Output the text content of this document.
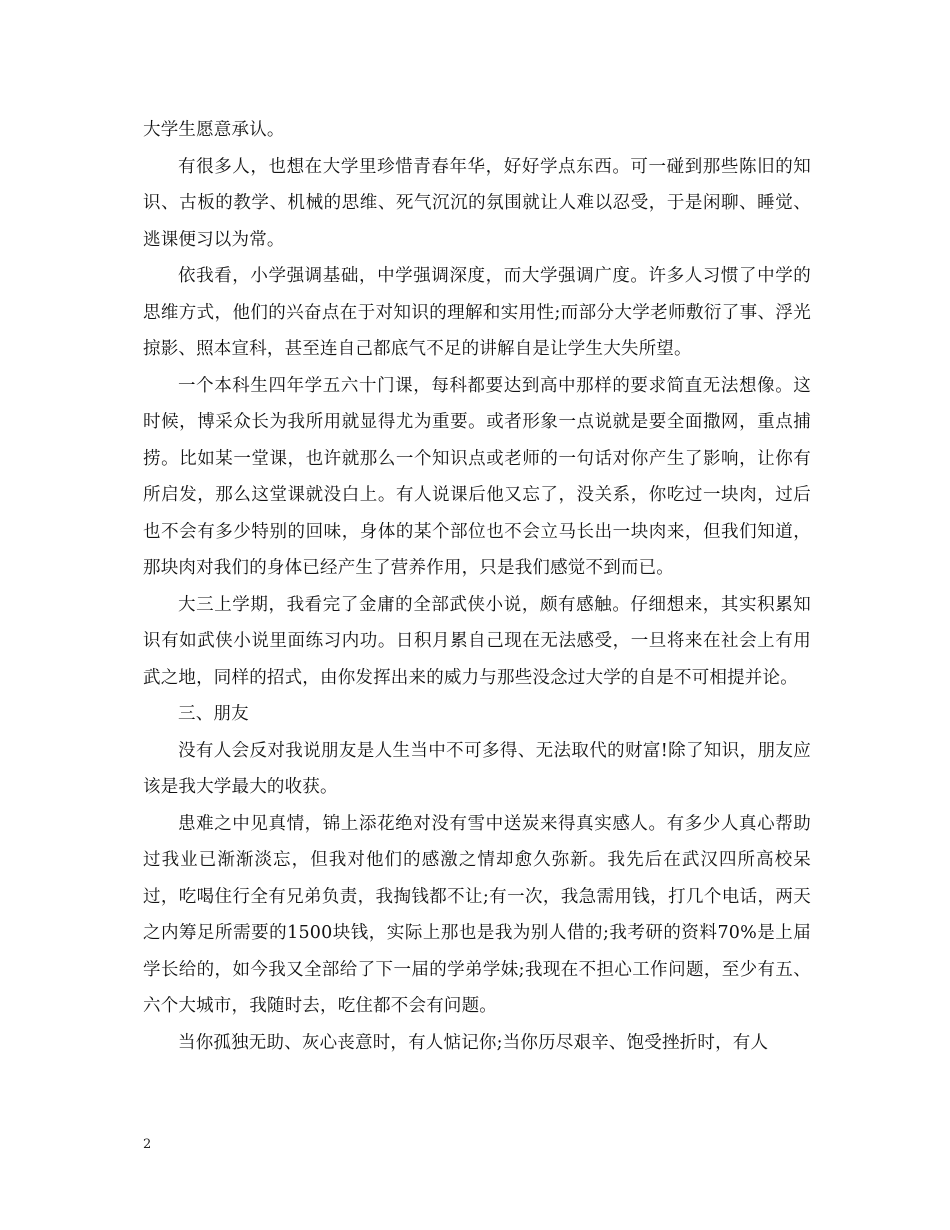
大学生愿意承认。

有很多人，也想在大学里珍惜青春年华，好好学点东西。可一碰到那些陈旧的知识、古板的教学、机械的思维、死气沉沉的氛围就让人难以忍受，于是闲聊、睡觉、逃课便习以为常。

依我看，小学强调基础，中学强调深度，而大学强调广度。许多人习惯了中学的思维方式，他们的兴奋点在于对知识的理解和实用性;而部分大学老师敷衍了事、浮光掠影、照本宣科，甚至连自己都底气不足的讲解自是让学生大失所望。

一个本科生四年学五六十门课，每科都要达到高中那样的要求简直无法想像。这时候，博采众长为我所用就显得尤为重要。或者形象一点说就是要全面撒网，重点捕捞。比如某一堂课，也许就那么一个知识点或老师的一句话对你产生了影响，让你有所启发，那么这堂课就没白上。有人说课后他又忘了，没关系，你吃过一块肉，过后也不会有多少特别的回味，身体的某个部位也不会立马长出一块肉来，但我们知道，那块肉对我们的身体已经产生了营养作用，只是我们感觉不到而已。

大三上学期，我看完了金庸的全部武侠小说，颇有感触。仔细想来，其实积累知识有如武侠小说里面练习内功。日积月累自己现在无法感受，一旦将来在社会上有用武之地，同样的招式，由你发挥出来的威力与那些没念过大学的自是不可相提并论。

三、朋友

没有人会反对我说朋友是人生当中不可多得、无法取代的财富!除了知识，朋友应该是我大学最大的收获。

患难之中见真情，锦上添花绝对没有雪中送炭来得真实感人。有多少人真心帮助过我业已渐渐淡忘，但我对他们的感激之情却愈久弥新。我先后在武汉四所高校呆过，吃喝住行全有兄弟负责，我掏钱都不让;有一次，我急需用钱，打几个电话，两天之内筹足所需要的1500块钱，实际上那也是我为别人借的;我考研的资料70%是上届学长给的，如今我又全部给了下一届的学弟学妹;我现在不担心工作问题，至少有五、六个大城市，我随时去，吃住都不会有问题。

当你孤独无助、灰心丧意时，有人惦记你;当你历尽艰辛、饱受挫折时，有人

2
